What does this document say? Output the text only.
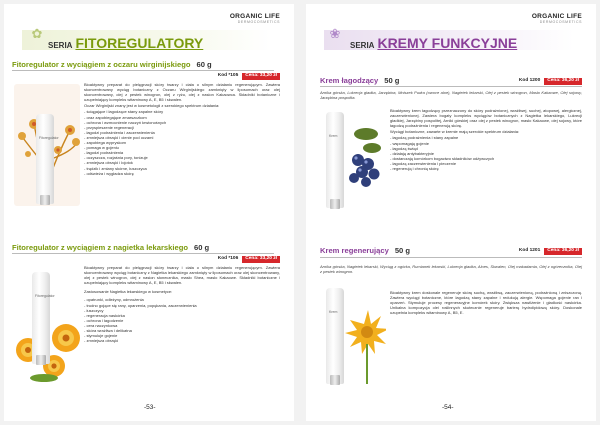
ORGANIC LIFE
DERMOCOSMETICS
SERIA FITOREGULATORY
✿
Fitoregulator z wyciągiem z oczaru wirginijskiego 60 g
Kod *105	Cena: 33,20 zł
Fitoregulator

Bioaktywny preparat do pielęgnacji skóry twarzy i ciała o silnym działaniu regenerującym. Zawiera skoncentrowany wyciąg botaniczny z Oczaru Wirginijskiego zamknięty w liposomach oraz olej skoncentrowany, olej z pestek winogron, olej z ryżu, olej z nasion Kakaowca. Składniki botaniczne i uzupełniający kompleks witaminowy A, E, B5 i skwalen.

Oczar Wirginijski znany jest w kosmetologii z szerokiego spektrum działania:

- ściągające i łagodzące stany zapalne skóry
- oraz zapobiegające zmarszczkom
- ochrona i wzmocnienie naczyń krwionośnych
- przyspieszenie regeneracji
- łagodzi podrażnienia i zaczerwienienia
- zmniejsza obrzęki i cienie pod oczami
- zapobiega wypryskom
- pomaga w gojeniu
- łagodzi podrażnienia
- oczyszcza, rozjaśnia pory, tonizuje
- zmniejsza obrzęki i łojotok
- trądzik i zmiany skórne, łuszczyca
- odświeża i wygładza skórę
Fitoregulator z wyciągiem z nagietka lekarskiego 60 g
Kod *106	Cena: 33,20 zł
Fitoregulator

Bioaktywny preparat do pielęgnacji skóry twarzy i ciała o silnym działaniu regenerującym. Zawiera skoncentrowany wyciąg botaniczny z Nagietka lekarskiego zamknięty w liposomach oraz olej skoncentrowany, olej z pestek winogron, olej z nasion słonecznika, masło Shea, masło Kakaowe. Składniki botaniczne i uzupełniający kompleks witaminowy A, E, B5 i skwalen.

Zastosowanie Nagietka lekarskiego w kosmetyce:

- opatrunki, odleżyny, odmrożenia
- trudno gojące się rany, oparzenia, popękania, zaczerwienienia
- łuszczycy
- regeneracja naskórka
- ochrona i łagodzenie
- cera naczynkowa
- skóra wrażliwa i delikatna
- stymuluje gojenie
- zmniejsza obrzęki
-53-
ORGANIC LIFE
DERMOCOSMETICS
SERIA KREMY FUNKCYJNE
❀
Krem łagodzący 50 g	Kod 1200	Cena: 36,20 zł
Arnika górska, Lukrecja gładka, Jarzębina, Mniszek Pudra (owoce aloe), Nagietek lekarski, Olej z pestek winogron, Masło Kakaowe, Olej sojowy, Jarzębina pospolita.
Krem

Bioaktywny krem łagodzący przeznaczony do skóry podrażnionej, wrażliwej, suchej, atopowej, alergicznej, zaczerwienionej. Zawiera bogaty kompleks wyciągów botanicznych z Nagietka lekarskiego, Lukrecji gładkiej, Jarzębiny pospolitej, Arniki górskiej oraz olej z pestek winogron, masło Kakaowe, olej sojowy, które łagodzą podrażnienia i regenerują skórę.

Wyciągi botaniczne, zawarte w kremie mają szerokie spektrum działania:

- łagodzą podrażnienia i stany zapalne
- wspomagają gojenie
- łagodzą świąd
- działają antybakteryjnie
- dostarczają komórkom bogactwo składników odżywczych
- łagodzą zaczerwienienia i pieczenie
- regenerują i chronią skórę
Krem regenerujący 50 g	Kod 1201	Cena: 36,20 zł
Arnika górska, Nagietek lekarski, Wyciąg z ogórka, Rumianek lekarski, Lukrecja gładka, Aloes, Skwalen, Olej makadamia, Olej z ogórecznika, Olej z pestek winogron.
Krem

Bioaktywny krem doskonale regeneruje skórę suchą, wrażliwą, zaczerwienioną, podrażnioną i zniszczoną. Zawiera wyciągi botaniczne, które łagodzą stany zapalne i redukują alergie. Wspomaga gojenie ran i oparzeń. Stymuluje procesy regeneracyjne komórek skóry. Zwiększa nawilżenie i gładkość naskórka. Unikalna kompozycja olei roślinnych skutecznie regeneruje barierę hydrolipidową skóry. Doskonale uzupełnia kompleks witaminowy A, B5, E.

-54-
